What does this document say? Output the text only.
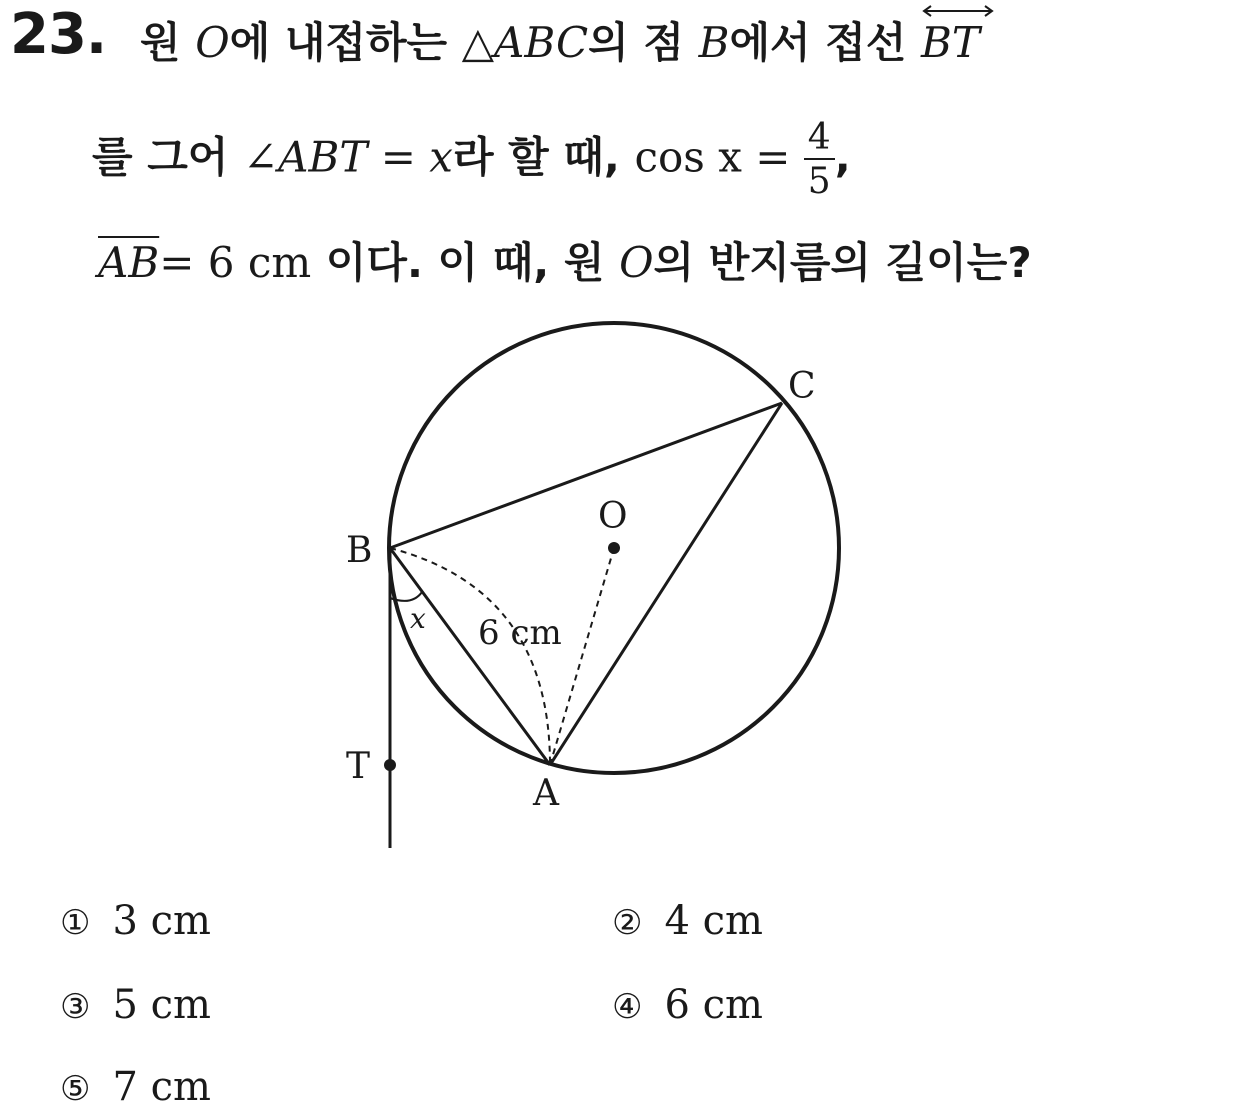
23. 원 O에 내접하는 △ABC의 점 B에서 접선
BT
를 그어 ∠ABT = x라 할 때, $\cos x = \frac{4}{5}$ ,
$\overline{AB}= 6$ cm 이다. 이 때, 원 O의 반지름의 길이는?
C
O
B
T
A
x 6 cm
① 3 cm	② 4 cm
③ 5 cm	④ 6 cm
⑤ 7 cm
